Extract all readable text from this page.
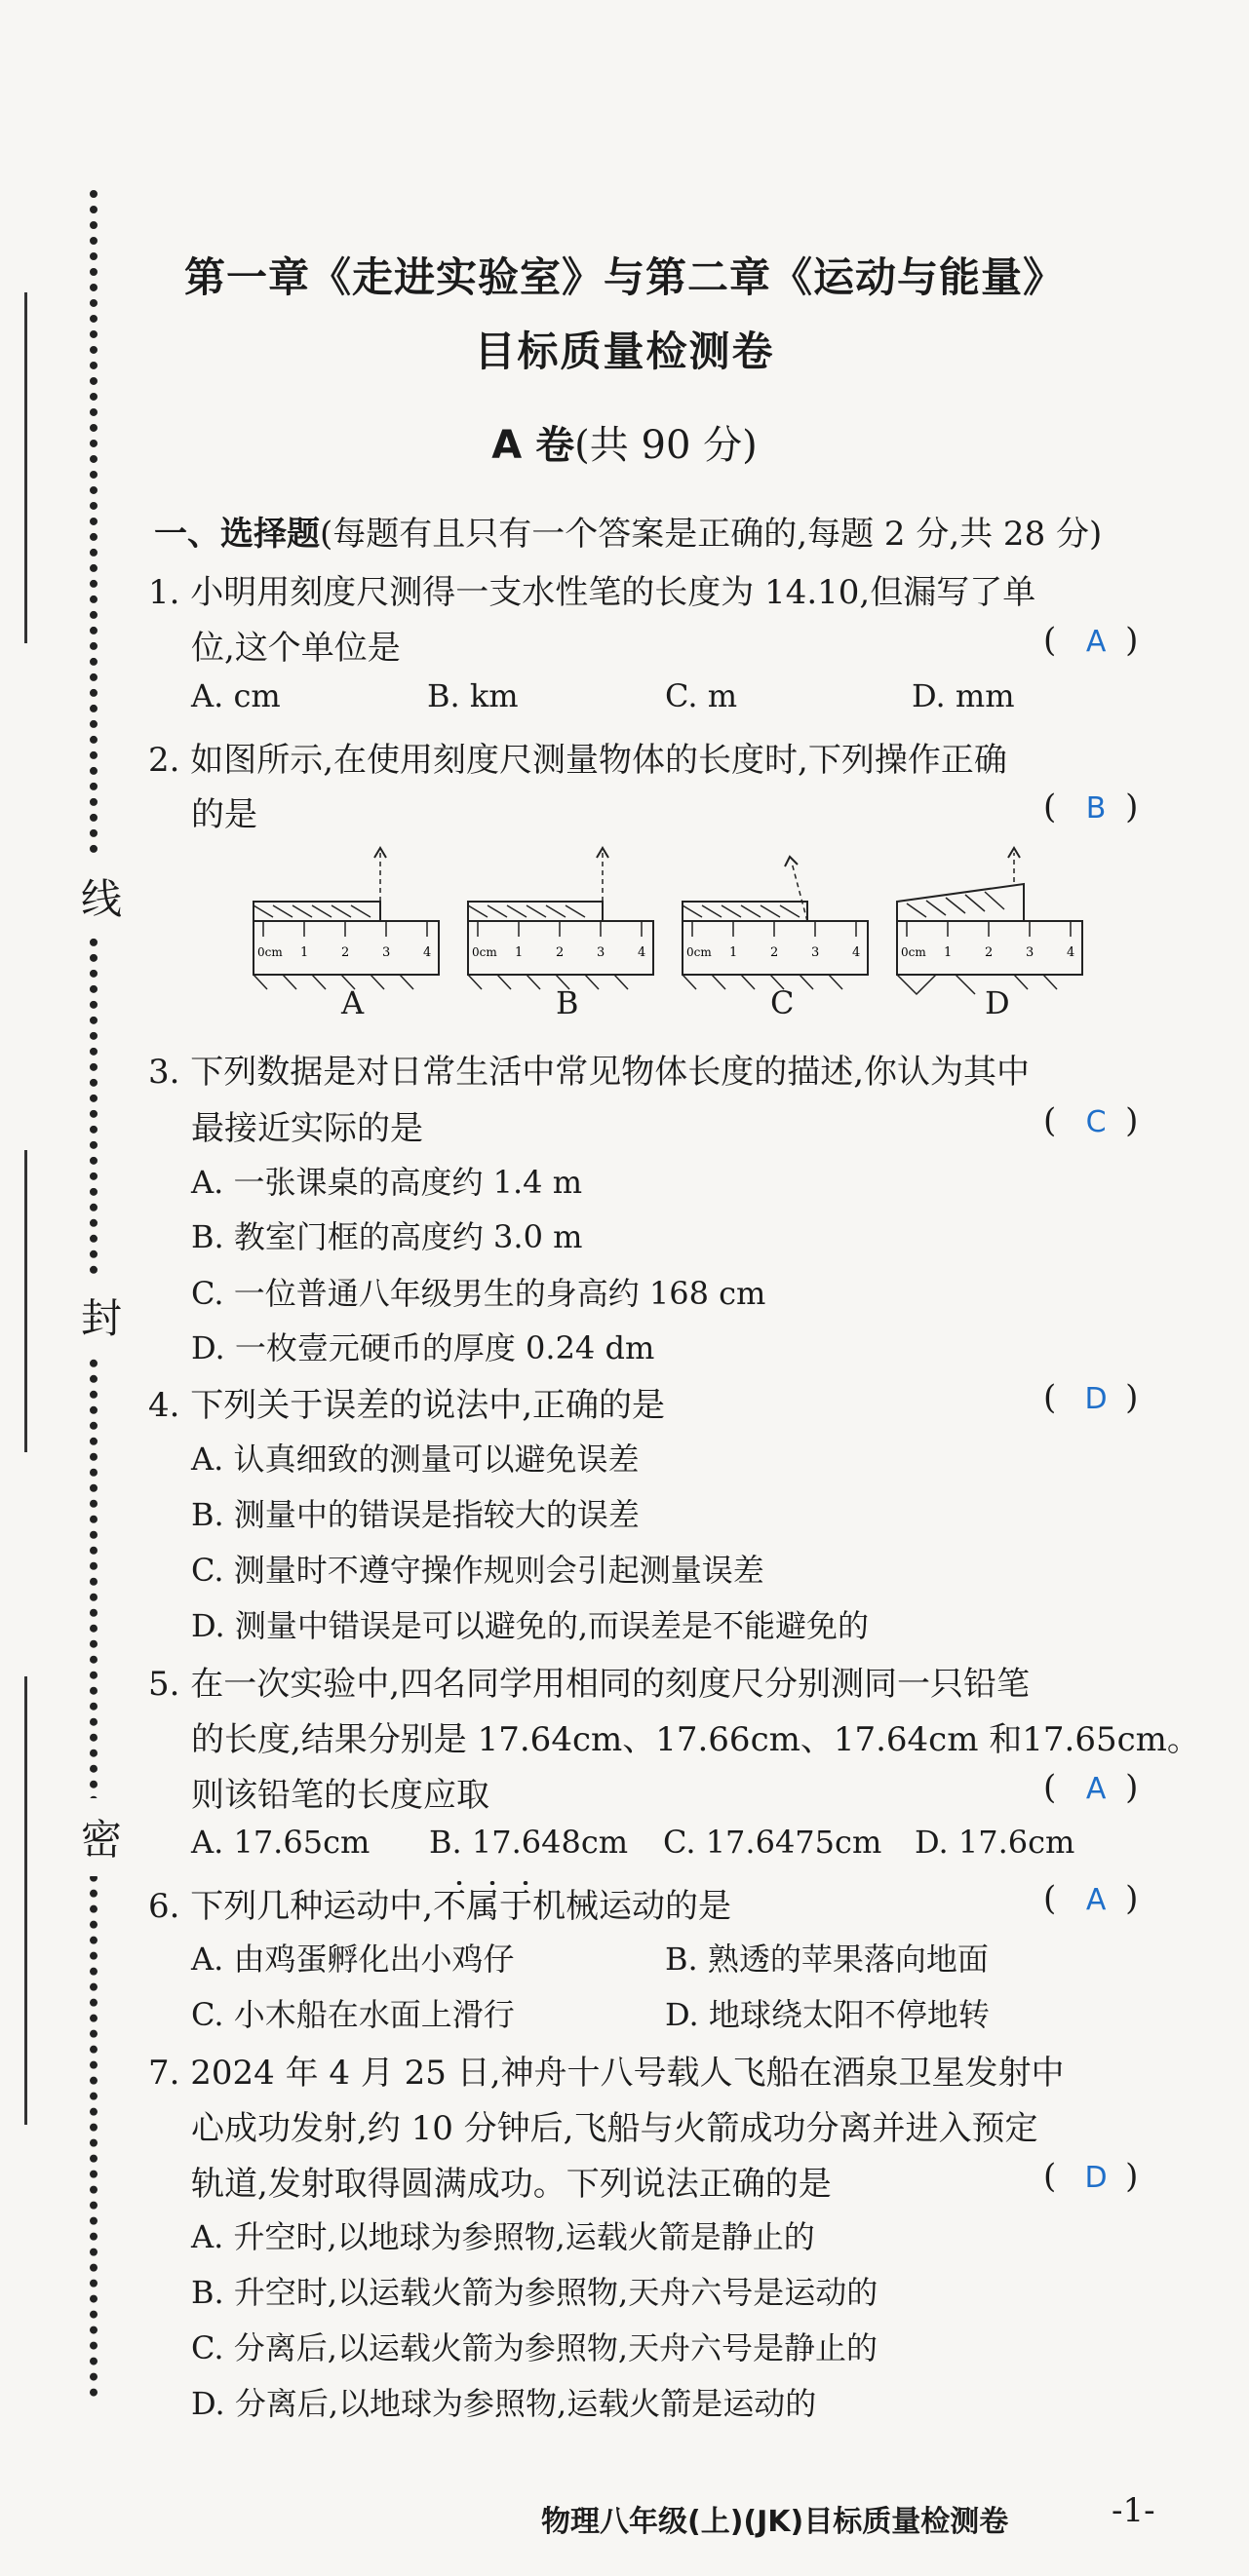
线
封
密
第一章《走进实验室》与第二章《运动与能量》
目标质量检测卷
A 卷(共 90 分)
一、选择题(每题有且只有一个答案是正确的,每题 2 分,共 28 分)
1. 小明用刻度尺测得一支水性笔的长度为 14.10,但漏写了单
位,这个单位是	( A )
A. cm	B. km	C. m	D. mm
2. 如图所示,在使用刻度尺测量物体的长度时,下列操作正确
的是	( B )
0cm 1	2	3	4	0cm 1	2	3	4	0cm 1	2	3	4	0cm 1	2	3	4
A	B	C	D
3. 下列数据是对日常生活中常见物体长度的描述,你认为其中
最接近实际的是	( C )
A. 一张课桌的高度约 1.4 m
B. 教室门框的高度约 3.0 m
C. 一位普通八年级男生的身高约 168 cm
D. 一枚壹元硬币的厚度 0.24 dm
4. 下列关于误差的说法中,正确的是	( D )
A. 认真细致的测量可以避免误差
B. 测量中的错误是指较大的误差
C. 测量时不遵守操作规则会引起测量误差
D. 测量中错误是可以避免的,而误差是不能避免的
5. 在一次实验中,四名同学用相同的刻度尺分别测同一只铅笔
的长度,结果分别是 17.64cm、17.66cm、17.64cm 和17.65cm。
则该铅笔的长度应取	( A )
A. 17.65cm B. 17.648cm C. 17.6475cm D. 17.6cm
6. 下列几种运动中,不属于机械运动的是	( A )
A. 由鸡蛋孵化出小鸡仔	B. 熟透的苹果落向地面
C. 小木船在水面上滑行	D. 地球绕太阳不停地转
7. 2024 年 4 月 25 日,神舟十八号载人飞船在酒泉卫星发射中
心成功发射,约 10 分钟后,飞船与火箭成功分离并进入预定
轨道,发射取得圆满成功。下列说法正确的是	( D )
A. 升空时,以地球为参照物,运载火箭是静止的
B. 升空时,以运载火箭为参照物,天舟六号是运动的
C. 分离后,以运载火箭为参照物,天舟六号是静止的
D. 分离后,以地球为参照物,运载火箭是运动的
物理八年级(上)(JK)目标质量检测卷	-1-
